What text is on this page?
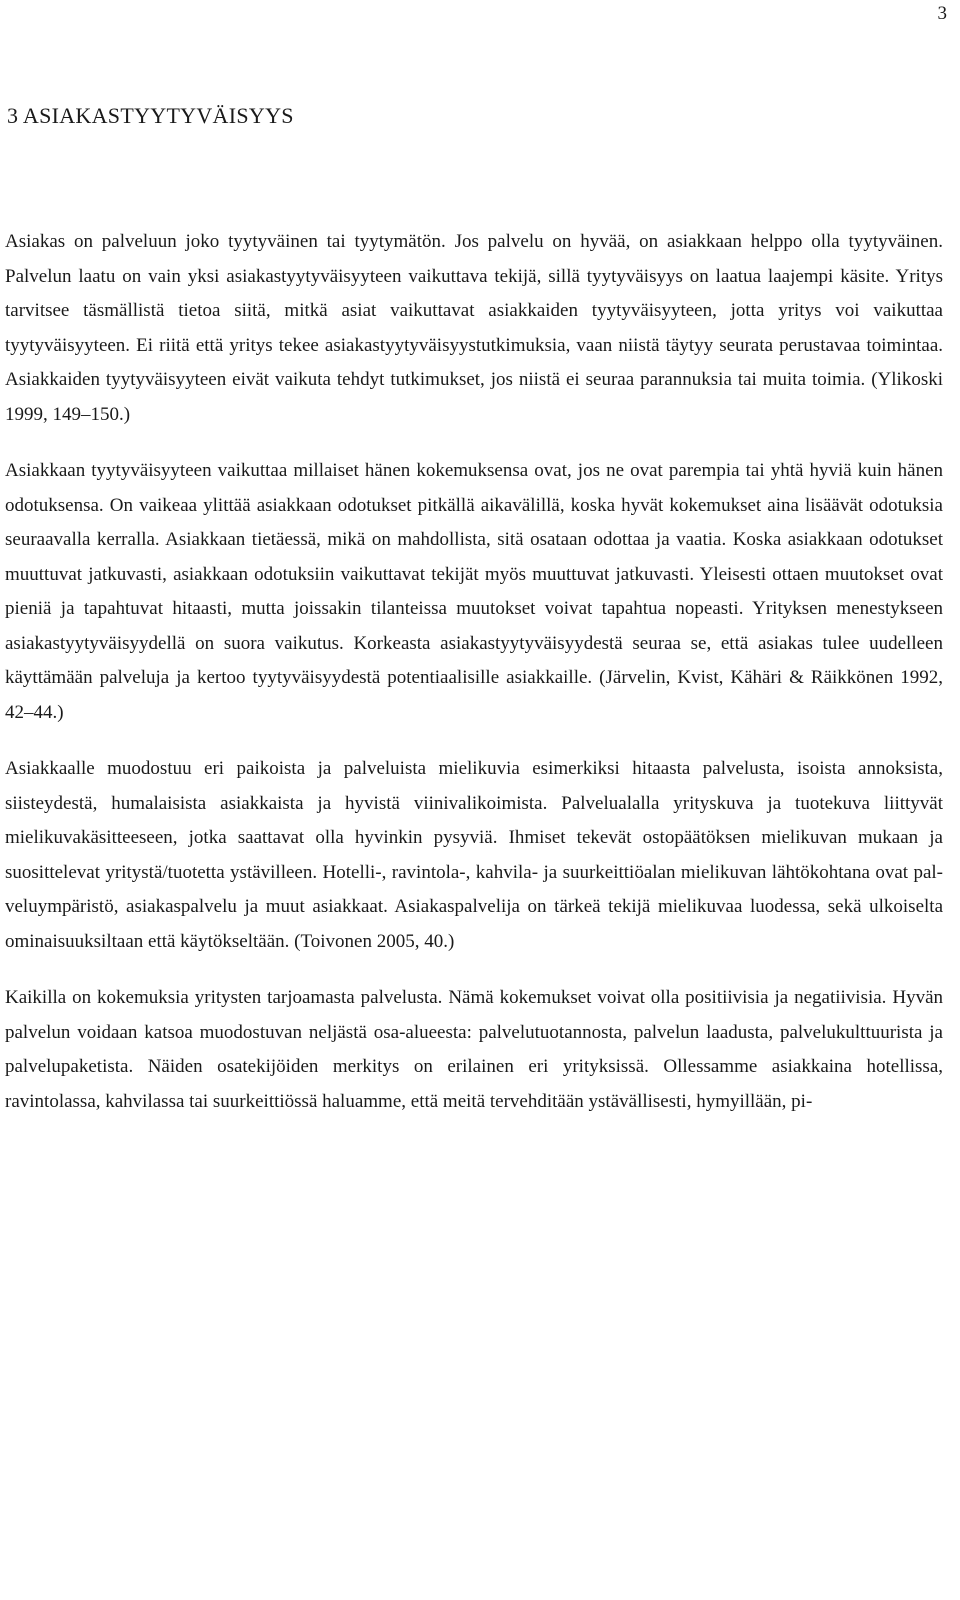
3
3 ASIAKASTYYTYVÄISYYS

Asiakas on palveluun joko tyytyväinen tai tyytymätön. Jos palvelu on hyvää, on asiakkaan helppo olla tyytyväinen. Palvelun laatu on vain yksi asiakastyytyväisyyteen vaikuttava tekijä, sillä tyytyväisyys on laatua laajempi käsite. Yritys tarvitsee täsmällistä tietoa siitä, mitkä asiat vaikuttavat asiakkaiden tyytyväisyyteen, jotta yritys voi vaikuttaa tyytyväisyyteen. Ei riitä että yritys tekee asiakastyytyväisyystutkimuksia, vaan niistä täytyy seurata perustavaa toimintaa. Asiakkaiden tyytyväisyyteen eivät vaikuta tehdyt tutkimukset, jos niistä ei seuraa parannuksia tai muita toimia. (Ylikoski 1999, 149–150.)

Asiakkaan tyytyväisyyteen vaikuttaa millaiset hänen kokemuksensa ovat, jos ne ovat parempia tai yhtä hyviä kuin hänen odotuksensa. On vaikeaa ylittää asiakkaan odotukset pitkällä aikavälillä, koska hyvät kokemukset aina lisäävät odotuksia seuraavalla kerralla. Asiakkaan tietäessä, mikä on mahdollista, sitä osataan odottaa ja vaatia. Koska asiakkaan odotukset muuttuvat jatkuvasti, asiakkaan odotuksiin vaikuttavat tekijät myös muuttuvat jatkuvasti. Yleisesti ottaen muutokset ovat pieniä ja tapahtuvat hitaasti, mutta joissakin tilanteissa muutokset voivat tapahtua nopeasti. Yrityksen menestykseen asiakastyytyväisyydellä on suora vaikutus. Korkeasta asiakastyytyväisyydestä seuraa se, että asiakas tulee uudelleen käyttämään palveluja ja kertoo tyytyväisyydestä potentiaalisille asiakkaille. (Järvelin, Kvist, Kähäri & Räikkönen 1992, 42–44.)

Asiakkaalle muodostuu eri paikoista ja palveluista mielikuvia esimerkiksi hitaasta palvelusta, isoista annoksista, siisteydestä, humalaisista asiakkaista ja hyvistä viinivalikoimista. Palvelualalla yrityskuva ja tuotekuva liittyvät mielikuvakäsitteeseen, jotka saattavat olla hyvinkin pysyviä. Ihmiset tekevät ostopäätöksen mielikuvan mukaan ja suosittelevat yritystä/tuotetta ystävilleen. Hotelli-, ravintola-, kahvila- ja suurkeittiöalan mielikuvan lähtökohtana ovat palveluympäristö, asiakaspalvelu ja muut asiakkaat. Asiakaspalvelija on tärkeä tekijä mielikuvaa luodessa, sekä ulkoiselta ominaisuuksiltaan että käytökseltään. (Toivonen 2005, 40.)

Kaikilla on kokemuksia yritysten tarjoamasta palvelusta. Nämä kokemukset voivat olla positiivisia ja negatiivisia. Hyvän palvelun voidaan katsoa muodostuvan neljästä osa-alueesta: palvelutuotannosta, palvelun laadusta, palvelukulttuurista ja palvelupaketista. Näiden osatekijöiden merkitys on erilainen eri yrityksissä. Ollessamme asiakkaina hotellissa, ravintolassa, kahvilassa tai suurkeittiössä haluamme, että meitä tervehditään ystävällisesti, hymyillään, pi-
